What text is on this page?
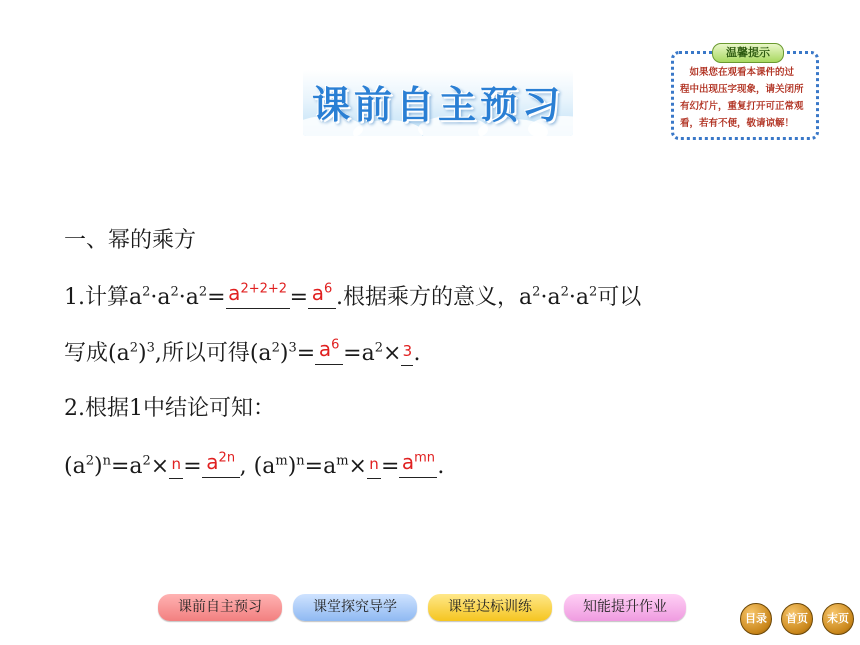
课前自主预习
温馨提示
　如果您在观看本课件的过
程中出现压字现象，请关闭所
有幻灯片，重复打开可正常观
看，若有不便，敬请谅解！
一、幂的乘方
1.计算$a^2\cdot a^2\cdot a^2= a^{2+2+2} = a^6$ .根据乘方的意义，$a^2\cdot a^2\cdot a^2$可以
写成$(a^2)^3$,所以可得$(a^2)^3= a^6 =a^2\times 3$.
2.根据1中结论可知：
$(a^2)^n=a^2\times n = a^{2n}$ , $(a^m)^n=a^m\times n = a^{mn}$ .
课前自主预习	课堂探究导学	课堂达标训练	知能提升作业
目录	首页	末页
